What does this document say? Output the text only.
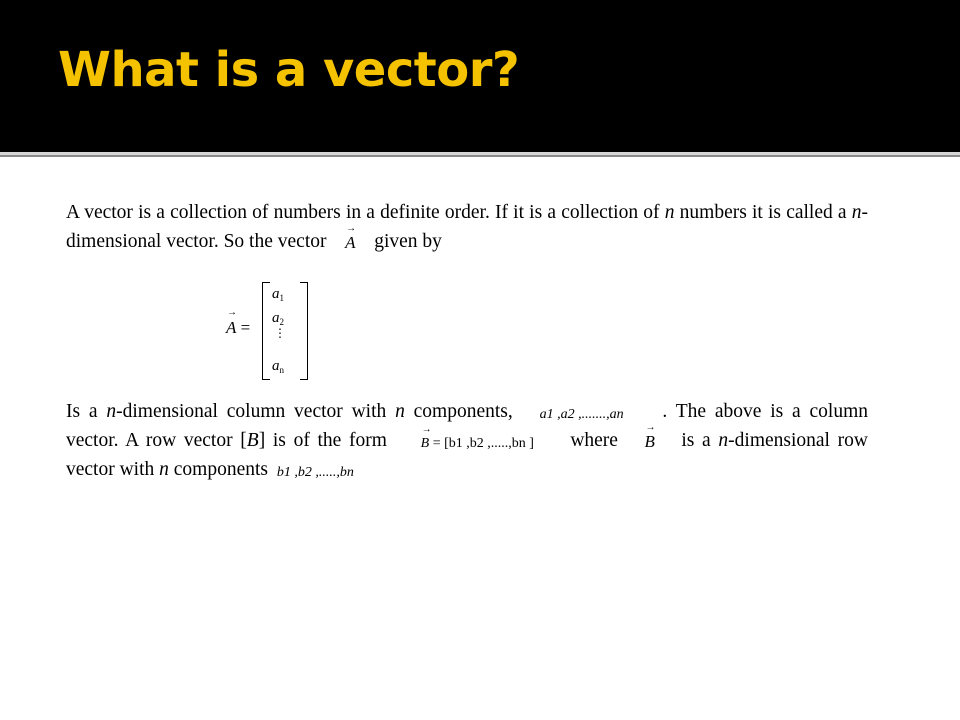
What is a vector?

A vector is a collection of numbers in a definite order. If it is a collection of n numbers it is called a n-dimensional vector. So the vector
→
A given by

→
A =
$a_1$
$a_2$
⋮
$a_n$

Is a n-dimensional column vector with n components, a1 ,a2 ,.......,an . The above is a column vector. A row vector [B] is of the form
→
B = [b1 ,b2 ,.....,bn ] where
→
B is a n-dimensional row vector with n components b1 ,b2 ,.....,bn
